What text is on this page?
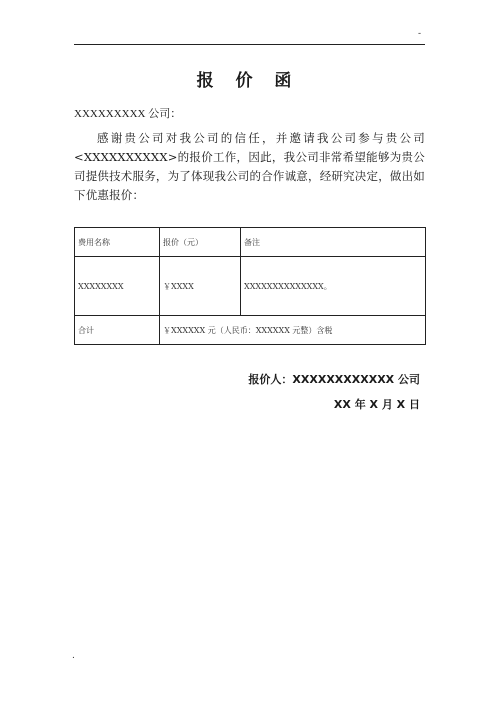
-
报 价 函
XXXXXXXXX 公司：

感谢贵公司对我公司的信任，并邀请我公司参与贵公司<XXXXXXXXXX>的报价工作，因此，我公司非常希望能够为贵公司提供技术服务，为了体现我公司的合作诚意，经研究决定，做出如下优惠报价：

费用名称	报价（元）	备注
XXXXXXXX	￥XXXX	XXXXXXXXXXXXXX。
合计	￥XXXXXX 元（人民币：XXXXXX 元整）含税	
报价人：XXXXXXXXXXXX 公司
XX 年 X 月 X 日
.
